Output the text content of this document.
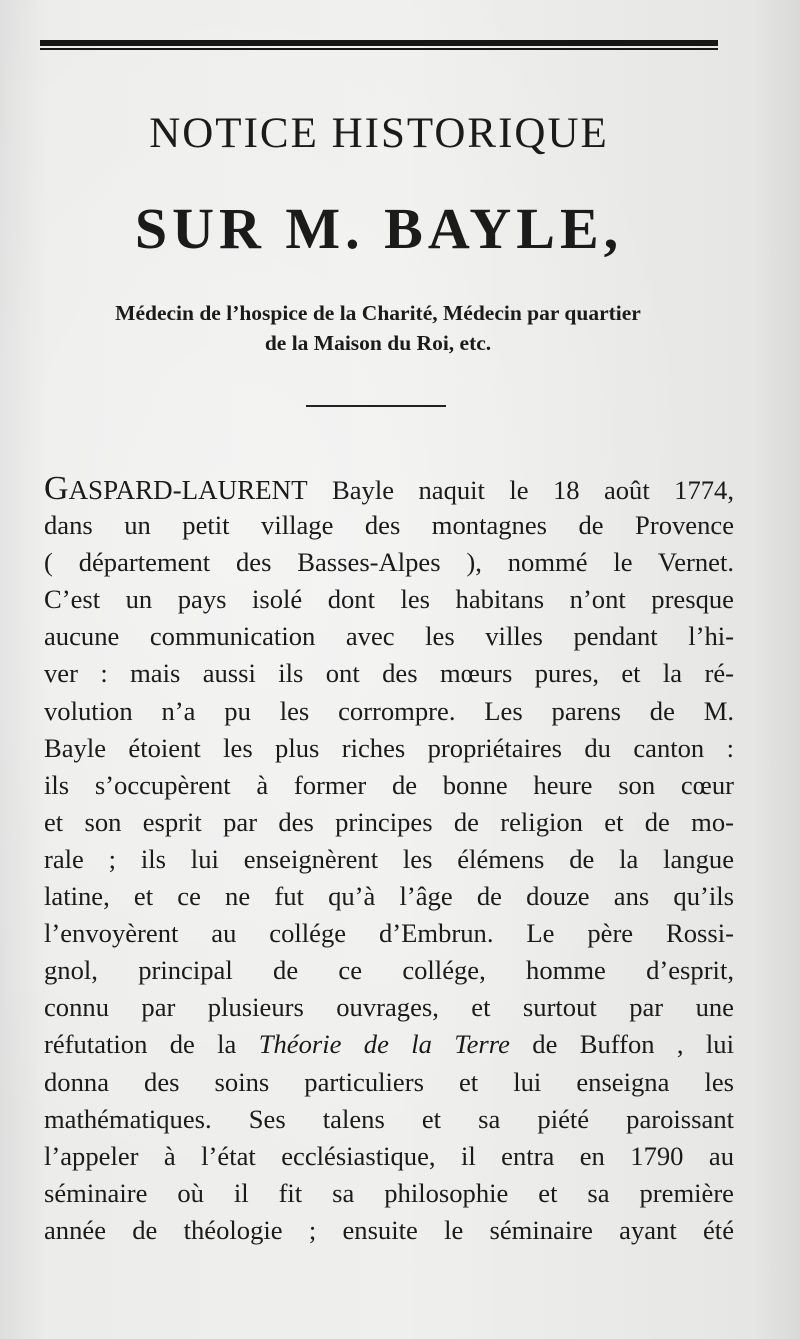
NOTICE HISTORIQUE
SUR M. BAYLE,
Médecin de l’hospice de la Charité, Médecin par quartier
de la Maison du Roi, etc.
GASPARD-LAURENT Bayle naquit le 18 août 1774,
dans un petit village des montagnes de Provence
( département des Basses-Alpes ), nommé le Vernet.
C’est un pays isolé dont les habitans n’ont presque
aucune communication avec les villes pendant l’hi-
ver : mais aussi ils ont des mœurs pures, et la ré-
volution n’a pu les corrompre. Les parens de M.
Bayle étoient les plus riches propriétaires du canton :
ils s’occupèrent à former de bonne heure son cœur
et son esprit par des principes de religion et de mo-
rale ; ils lui enseignèrent les élémens de la langue
latine, et ce ne fut qu’à l’âge de douze ans qu’ils
l’envoyèrent au collége d’Embrun. Le père Rossi-
gnol, principal de ce collége, homme d’esprit,
connu par plusieurs ouvrages, et surtout par une
réfutation de la Théorie de la Terre de Buffon , lui
donna des soins particuliers et lui enseigna les
mathématiques. Ses talens et sa piété paroissant
l’appeler à l’état ecclésiastique, il entra en 1790 au
séminaire où il fit sa philosophie et sa première
année de théologie ; ensuite le séminaire ayant été
